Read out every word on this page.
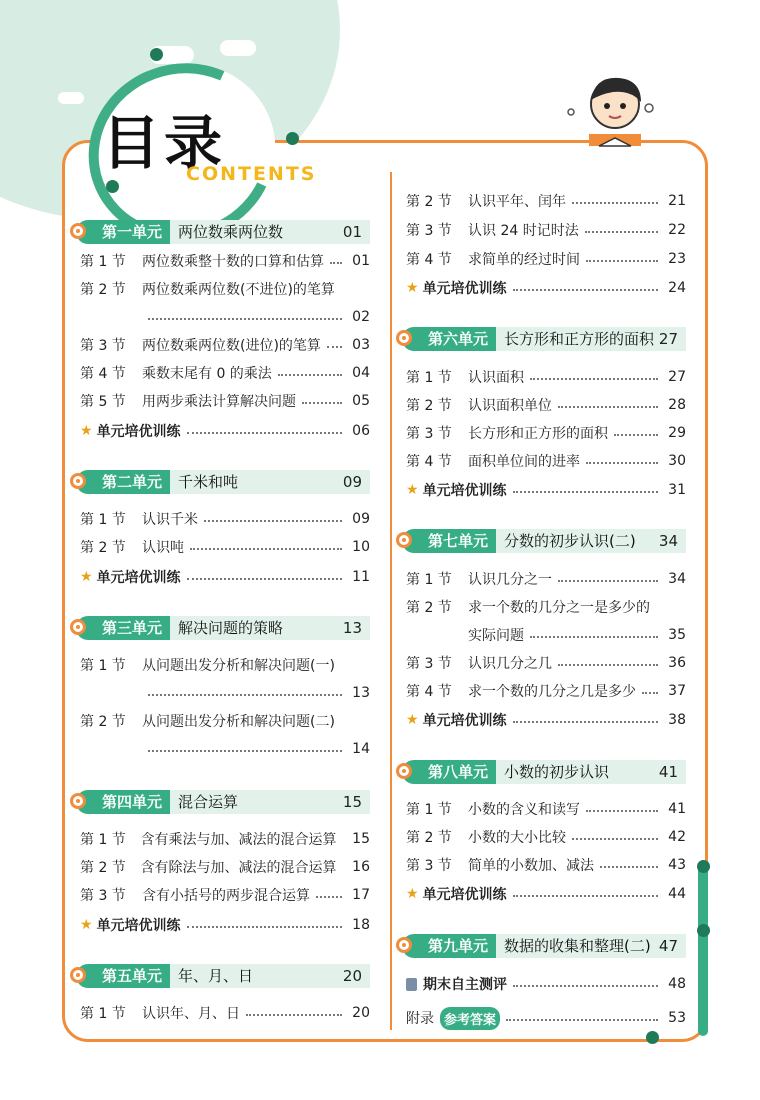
目录
CONTENTS
第一单元	两位数乘两位数	01
第 1 节	两位数乘整十数的口算和估算 01
第 2 节	两位数乘两位数(不进位)的笔算
02
第 3 节	两位数乘两位数(进位)的笔算 03
第 4 节	乘数末尾有 0 的乘法	04
第 5 节	用两步乘法计算解决问题	05
★ 单元培优训练	06
第二单元	千米和吨	09
第 1 节	认识千米	09
第 2 节	认识吨	10
★ 单元培优训练	11
第三单元	解决问题的策略	13
第 1 节	从问题出发分析和解决问题(一)
13
第 2 节	从问题出发分析和解决问题(二)
14
第四单元	混合运算	15
第 1 节	含有乘法与加、减法的混合运算 15
第 2 节	含有除法与加、减法的混合运算 16
第 3 节	含有小括号的两步混合运算	17
★ 单元培优训练	18
第五单元	年、月、日	20
第 1 节	认识年、月、日	20
第 2 节	认识平年、闰年	21
第 3 节	认识 24 时记时法	22
第 4 节	求简单的经过时间	23
★ 单元培优训练	24
第六单元	长方形和正方形的面积 27
第 1 节	认识面积	27
第 2 节	认识面积单位	28
第 3 节	长方形和正方形的面积	29
第 4 节	面积单位间的进率	30
★ 单元培优训练	31
第七单元	分数的初步认识(二)	34
第 1 节	认识几分之一	34
第 2 节	求一个数的几分之一是多少的
实际问题	35
第 3 节	认识几分之几	36
第 4 节	求一个数的几分之几是多少 37
★ 单元培优训练	38
第八单元	小数的初步认识	41
第 1 节	小数的含义和读写	41
第 2 节	小数的大小比较	42
第 3 节	简单的小数加、减法	43
★ 单元培优训练	44
第九单元	数据的收集和整理(二) 47
期末自主测评	48
附录 参考答案	53
